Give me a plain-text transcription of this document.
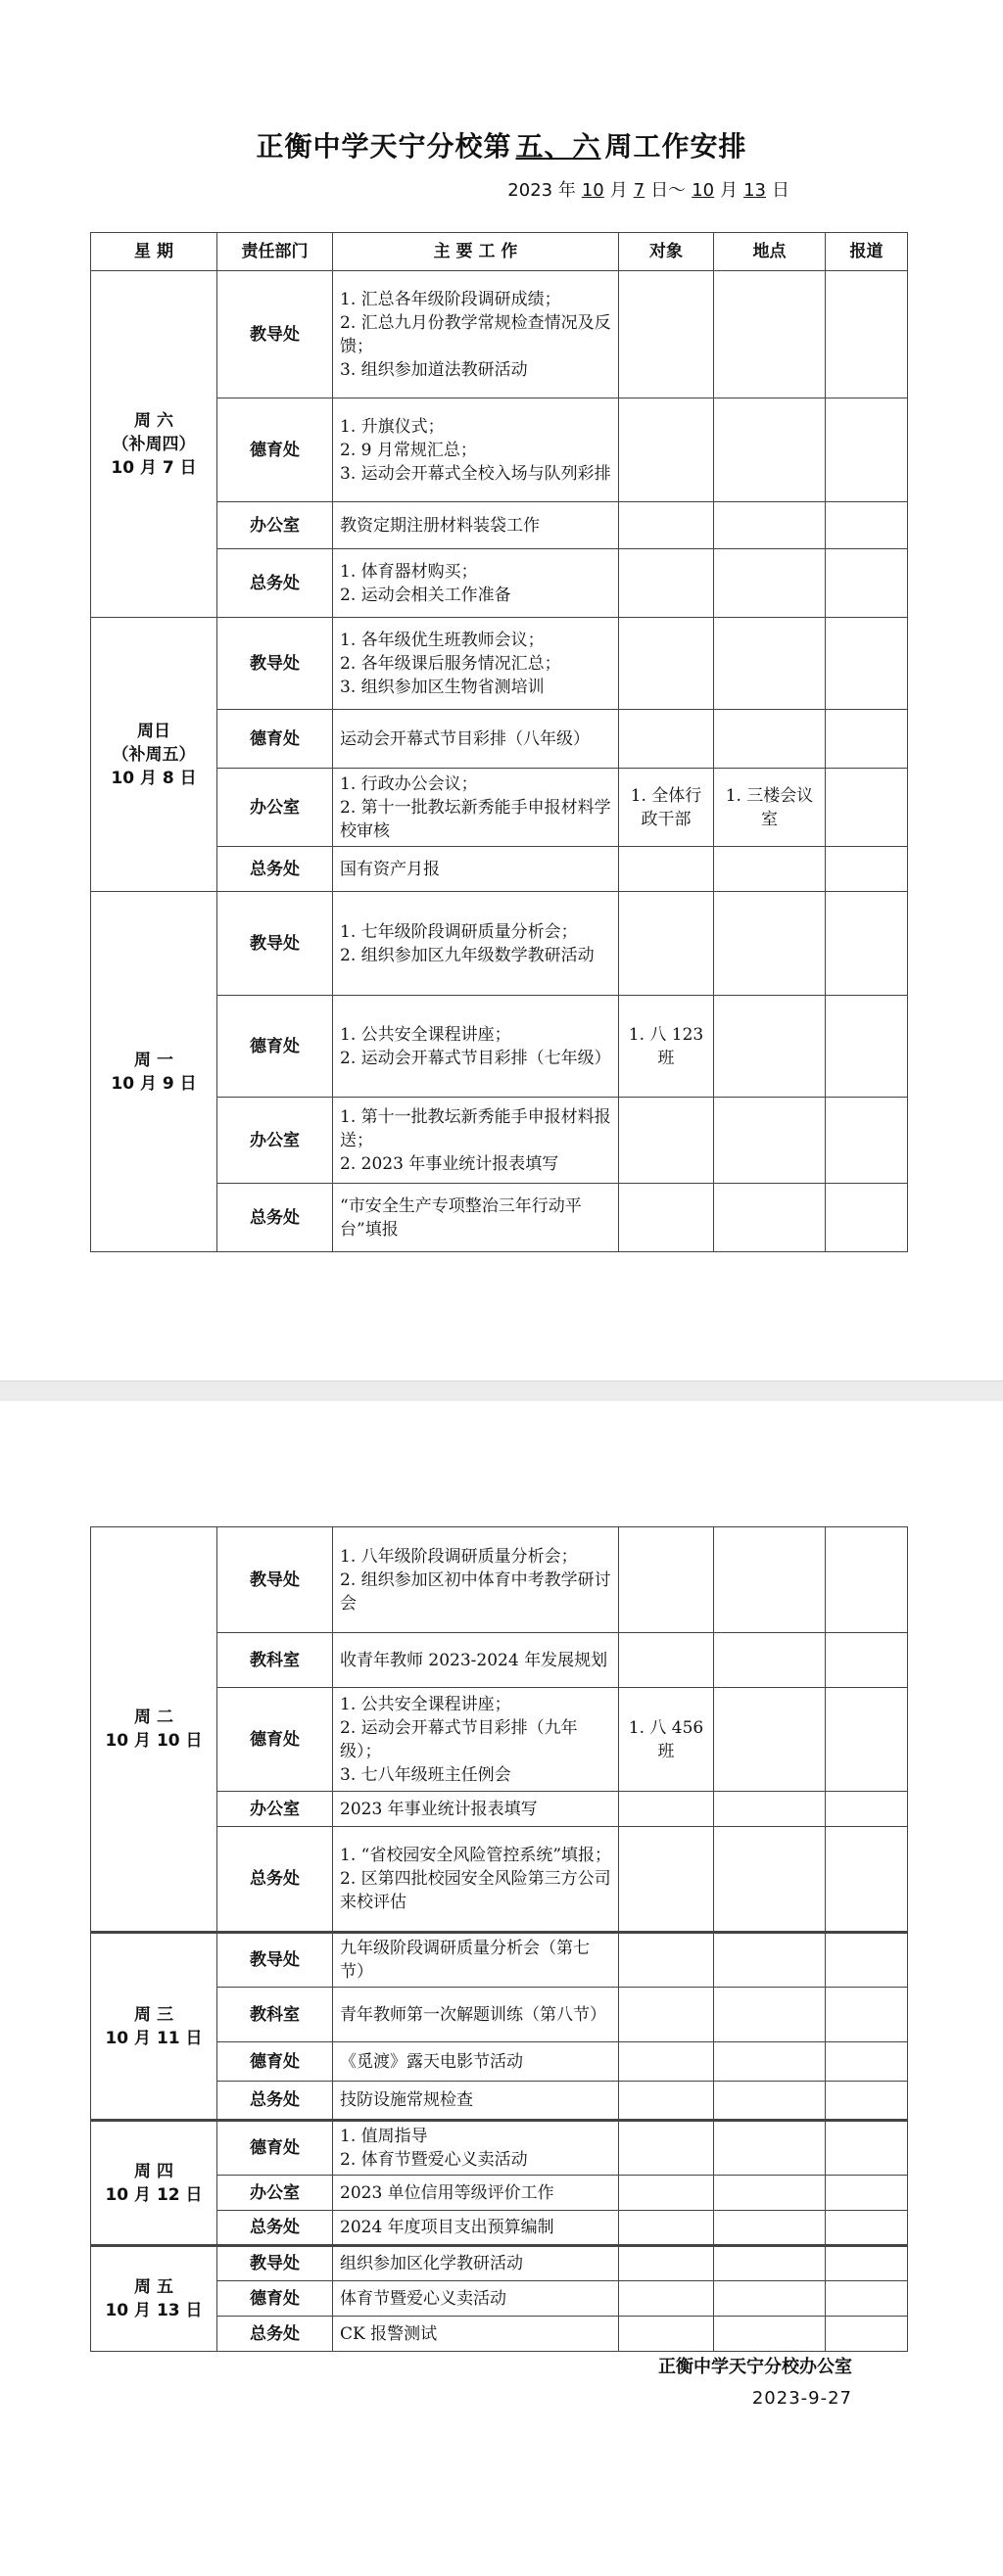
正衡中学天宁分校第 五、六 周工作安排
2023 年 10 月 7 日～ 10 月 13 日
星 期	责任部门	主 要 工 作	对象	地点	报道

周 六
（补周四）
10 月 7 日	教导处	1. 汇总各年级阶段调研成绩；
2. 汇总九月份教学常规检查情况及反馈；
3. 组织参加道法教研活动			

	德育处	1. 升旗仪式；
2. 9 月常规汇总；
3. 运动会开幕式全校入场与队列彩排			

	办公室	教资定期注册材料装袋工作			

	总务处	1. 体育器材购买；
2. 运动会相关工作准备			

周日
（补周五）
10 月 8 日	教导处	1. 各年级优生班教师会议；
2. 各年级课后服务情况汇总；
3. 组织参加区生物省测培训			

	德育处	运动会开幕式节目彩排（八年级）			

	办公室	1. 行政办公会议；
2. 第十一批教坛新秀能手申报材料学校审核	1. 全体行政干部	1. 三楼会议室	
	总务处	国有资产月报			

周 一
10 月 9 日	教导处	1. 七年级阶段调研质量分析会；
2. 组织参加区九年级数学教研活动			

	德育处	1. 公共安全课程讲座；
2. 运动会开幕式节目彩排（七年级）	1. 八 123 班		
	办公室	1. 第十一批教坛新秀能手申报材料报送；
2. 2023 年事业统计报表填写			

	总务处	“市安全生产专项整治三年行动平台”填报			

周 二
10 月 10 日	教导处	1. 八年级阶段调研质量分析会；
2. 组织参加区初中体育中考教学研讨会			

	教科室	收青年教师 2023-2024 年发展规划			

	德育处	1. 公共安全课程讲座；
2. 运动会开幕式节目彩排（九年级）；
3. 七八年级班主任例会	1. 八 456 班		
	办公室	2023 年事业统计报表填写			

	总务处	1. “省校园安全风险管控系统”填报；
2. 区第四批校园安全风险第三方公司来校评估			

周 三
10 月 11 日	教导处	九年级阶段调研质量分析会（第七节）			

	教科室	青年教师第一次解题训练（第八节）			

	德育处	《觅渡》露天电影节活动			

	总务处	技防设施常规检查			

周 四
10 月 12 日	德育处	1. 值周指导
2. 体育节暨爱心义卖活动			

	办公室	2023 单位信用等级评价工作			

	总务处	2024 年度项目支出预算编制			

周 五
10 月 13 日	教导处	组织参加区化学教研活动			

	德育处	体育节暨爱心义卖活动			

	总务处	CK 报警测试			

正衡中学天宁分校办公室
2023-9-27
